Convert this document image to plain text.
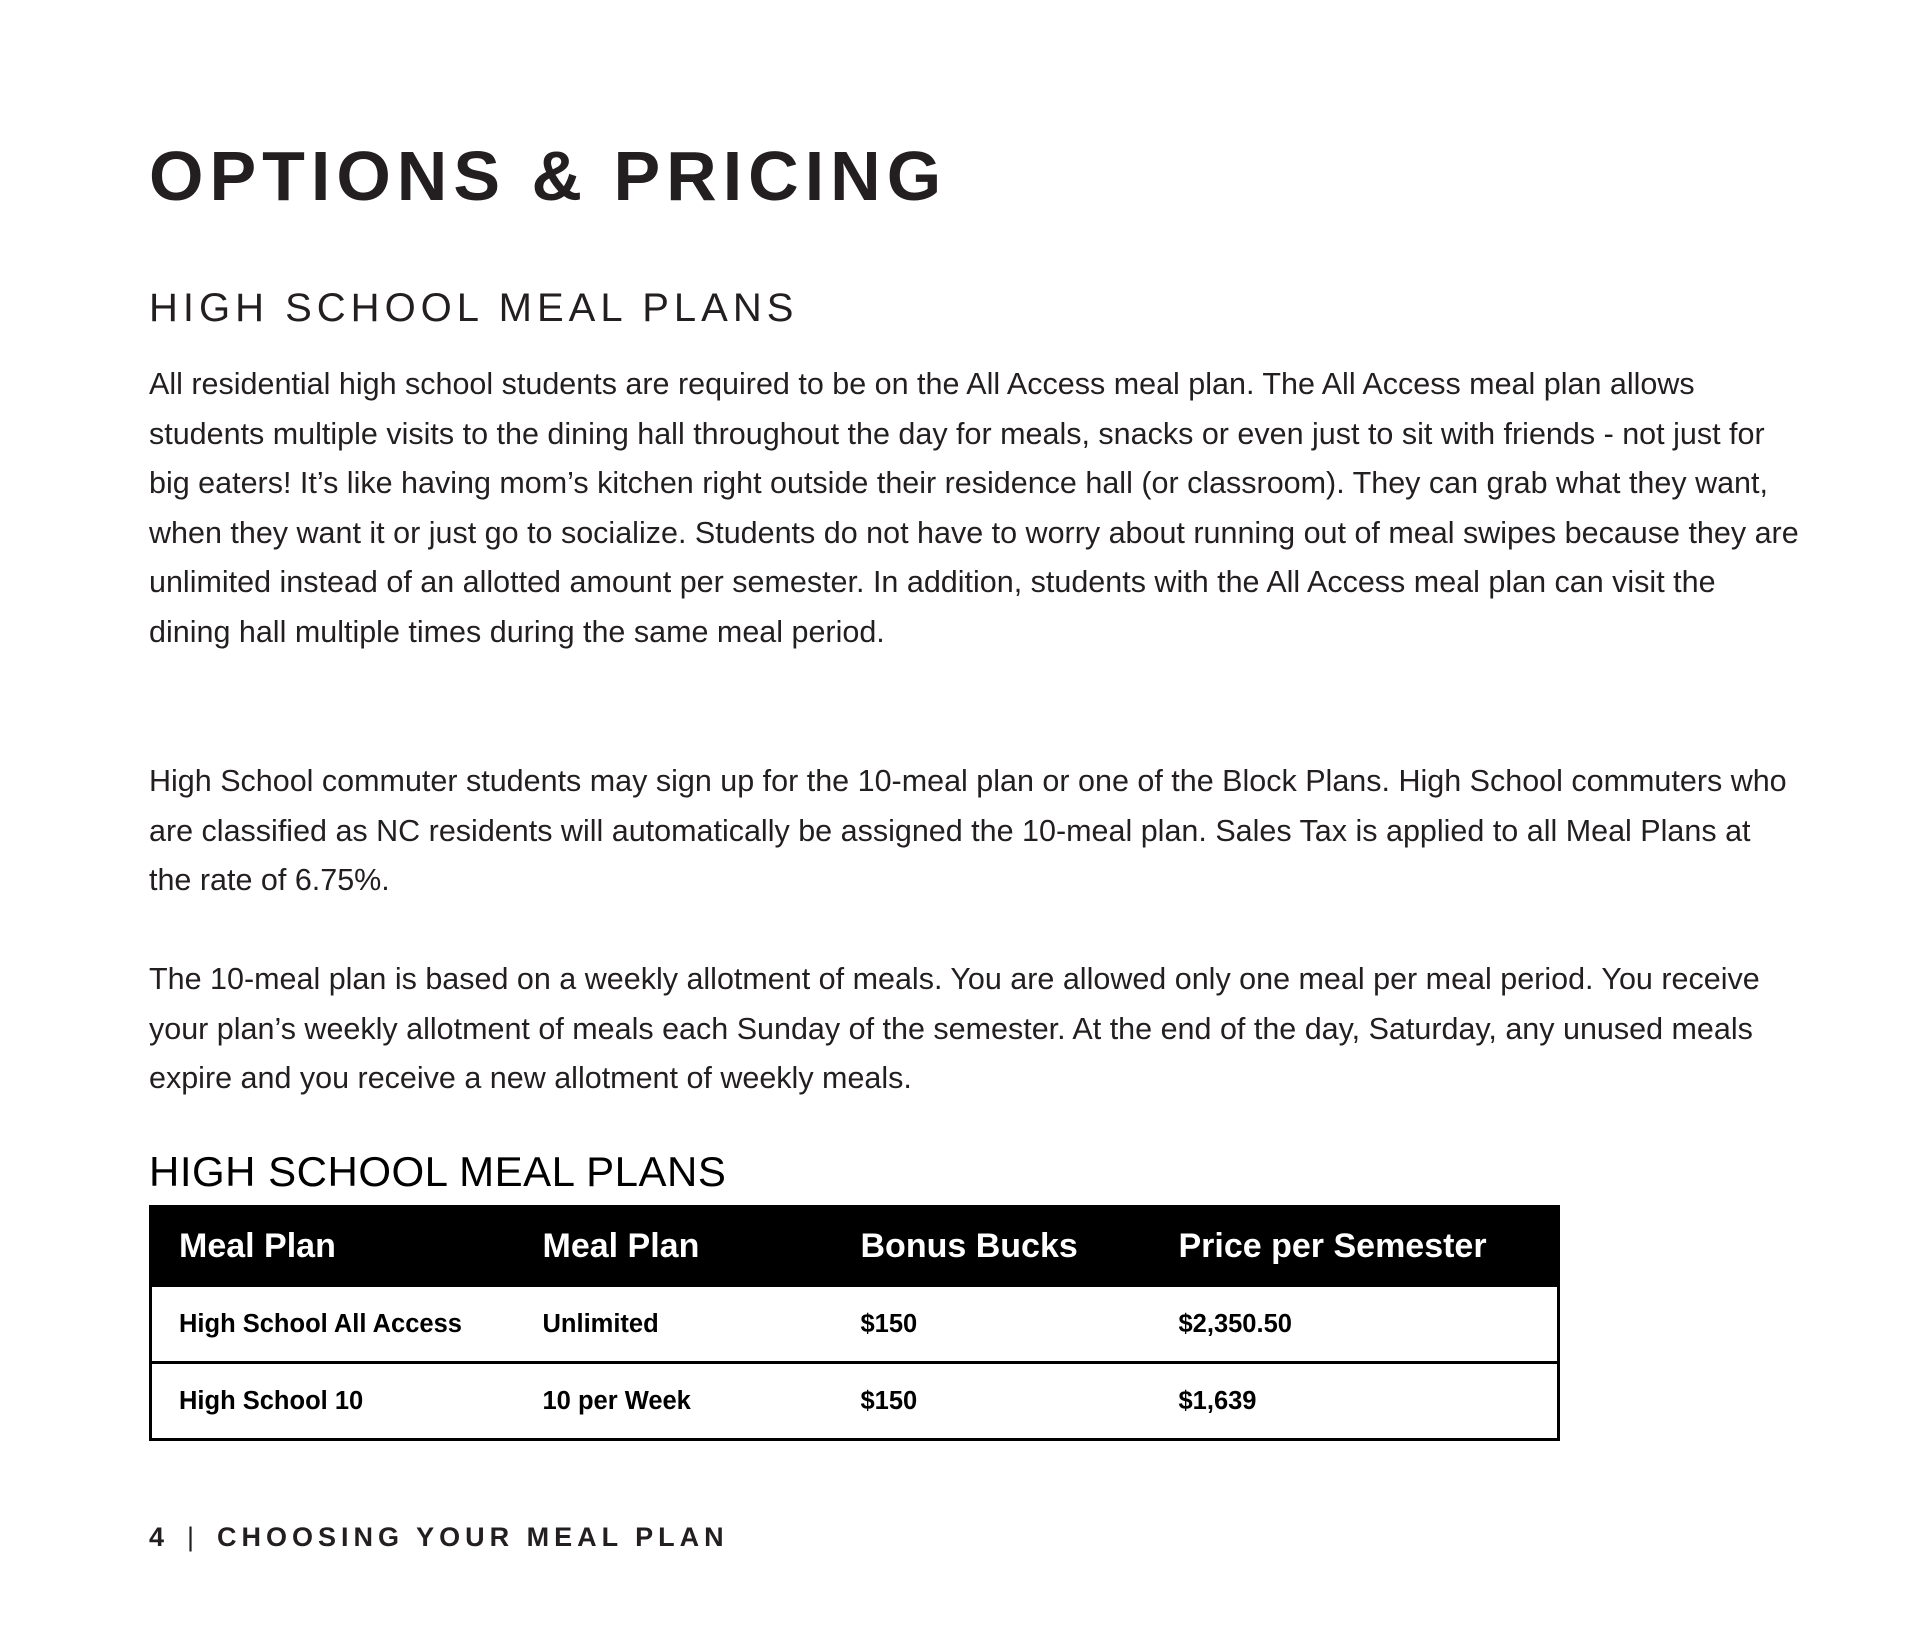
OPTIONS & PRICING
HIGH SCHOOL MEAL PLANS

All residential high school students are required to be on the All Access meal plan. The All Access meal plan allows students multiple visits to the dining hall throughout the day for meals, snacks or even just to sit with friends - not just for big eaters! It’s like having mom’s kitchen right outside their residence hall (or classroom). They can grab what they want, when they want it or just go to socialize. Students do not have to worry about running out of meal swipes because they are unlimited instead of an allotted amount per semester. In addition, students with the All Access meal plan can visit the dining hall multiple times during the same meal period.

High School commuter students may sign up for the 10-meal plan or one of the Block Plans. High School commuters who are classified as NC residents will automatically be assigned the 10-meal plan. Sales Tax is applied to all Meal Plans at the rate of 6.75%.

The 10-meal plan is based on a weekly allotment of meals. You are allowed only one meal per meal period. You receive your plan’s weekly allotment of meals each Sunday of the semester. At the end of the day, Saturday, any unused meals expire and you receive a new allotment of weekly meals.

HIGH SCHOOL MEAL PLANS
Meal Plan	Meal Plan	Bonus Bucks	Price per Semester
High School All Access	Unlimited	$150	$2,350.50
High School 10	10 per Week	$150	$1,639
4 | CHOOSING YOUR MEAL PLAN
